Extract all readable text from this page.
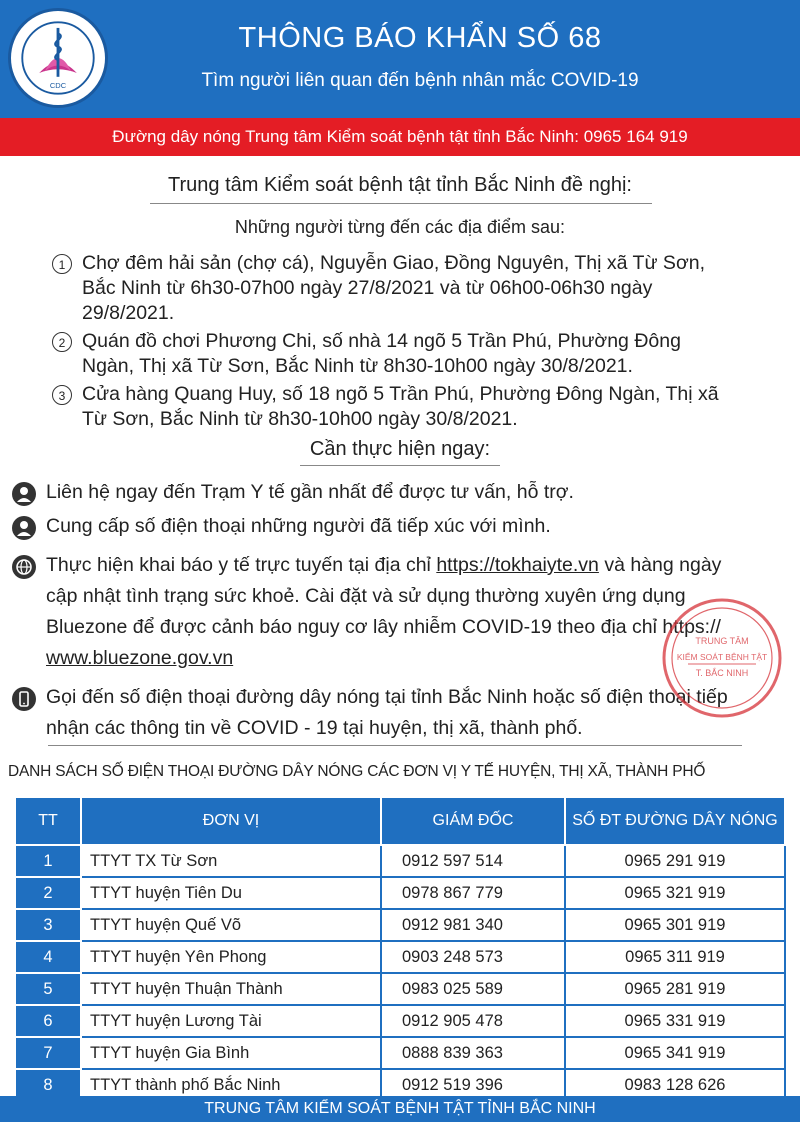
CDC
THÔNG BÁO KHẨN SỐ 68
Tìm người liên quan đến bệnh nhân mắc COVID-19
Đường dây nóng Trung tâm Kiểm soát bệnh tật tỉnh Bắc Ninh: 0965 164 919
Trung tâm Kiểm soát bệnh tật tỉnh Bắc Ninh đề nghị:
Những người từng đến các địa điểm sau:
1 Chợ đêm hải sản (chợ cá), Nguyễn Giao, Đồng Nguyên, Thị xã Từ Sơn,
Bắc Ninh từ 6h30-07h00 ngày 27/8/2021 và từ 06h00-06h30 ngày
29/8/2021.
2 Quán đồ chơi Phương Chi, số nhà 14 ngõ 5 Trần Phú, Phường Đông
Ngàn, Thị xã Từ Sơn, Bắc Ninh từ 8h30-10h00 ngày 30/8/2021.
3 Cửa hàng Quang Huy, số 18 ngõ 5 Trần Phú, Phường Đông Ngàn, Thị xã
Từ Sơn, Bắc Ninh từ 8h30-10h00 ngày 30/8/2021.
Cần thực hiện ngay:
Liên hệ ngay đến Trạm Y tế gần nhất để được tư vấn, hỗ trợ.
Cung cấp số điện thoại những người đã tiếp xúc với mình.
Thực hiện khai báo y tế trực tuyến tại địa chỉ https://tokhaiyte.vn và hàng ngày
cập nhật tình trạng sức khoẻ. Cài đặt và sử dụng thường xuyên ứng dụng
Bluezone để được cảnh báo nguy cơ lây nhiễm COVID-19 theo địa chỉ https://
www.bluezone.gov.vn
Gọi đến số điện thoại đường dây nóng tại tỉnh Bắc Ninh hoặc số điện thoại tiếp
nhận các thông tin về COVID - 19 tại huyện, thị xã, thành phố.
TRUNG TÂM
KIỂM SOÁT BỆNH TẬT
T. BẮC NINH
DANH SÁCH SỐ ĐIỆN THOẠI ĐƯỜNG DÂY NÓNG CÁC ĐƠN VỊ Y TẾ HUYỆN, THỊ XÃ, THÀNH PHỐ
TT	ĐƠN VỊ	GIÁM ĐỐC	SỐ ĐT ĐƯỜNG DÂY NÓNG
1	TTYT TX Từ Sơn	0912 597 514	0965 291 919
2	TTYT huyện Tiên Du	0978 867 779	0965 321 919
3	TTYT huyện Quế Võ	0912 981 340	0965 301 919
4	TTYT huyện Yên Phong	0903 248 573	0965 311 919
5	TTYT huyện Thuận Thành	0983 025 589	0965 281 919
6	TTYT huyện Lương Tài	0912 905 478	0965 331 919
7	TTYT huyện Gia Bình	0888 839 363	0965 341 919
8	TTYT thành phố Bắc Ninh	0912 519 396	0983 128 626
TRUNG TÂM KIỂM SOÁT BỆNH TẬT TỈNH BẮC NINH
